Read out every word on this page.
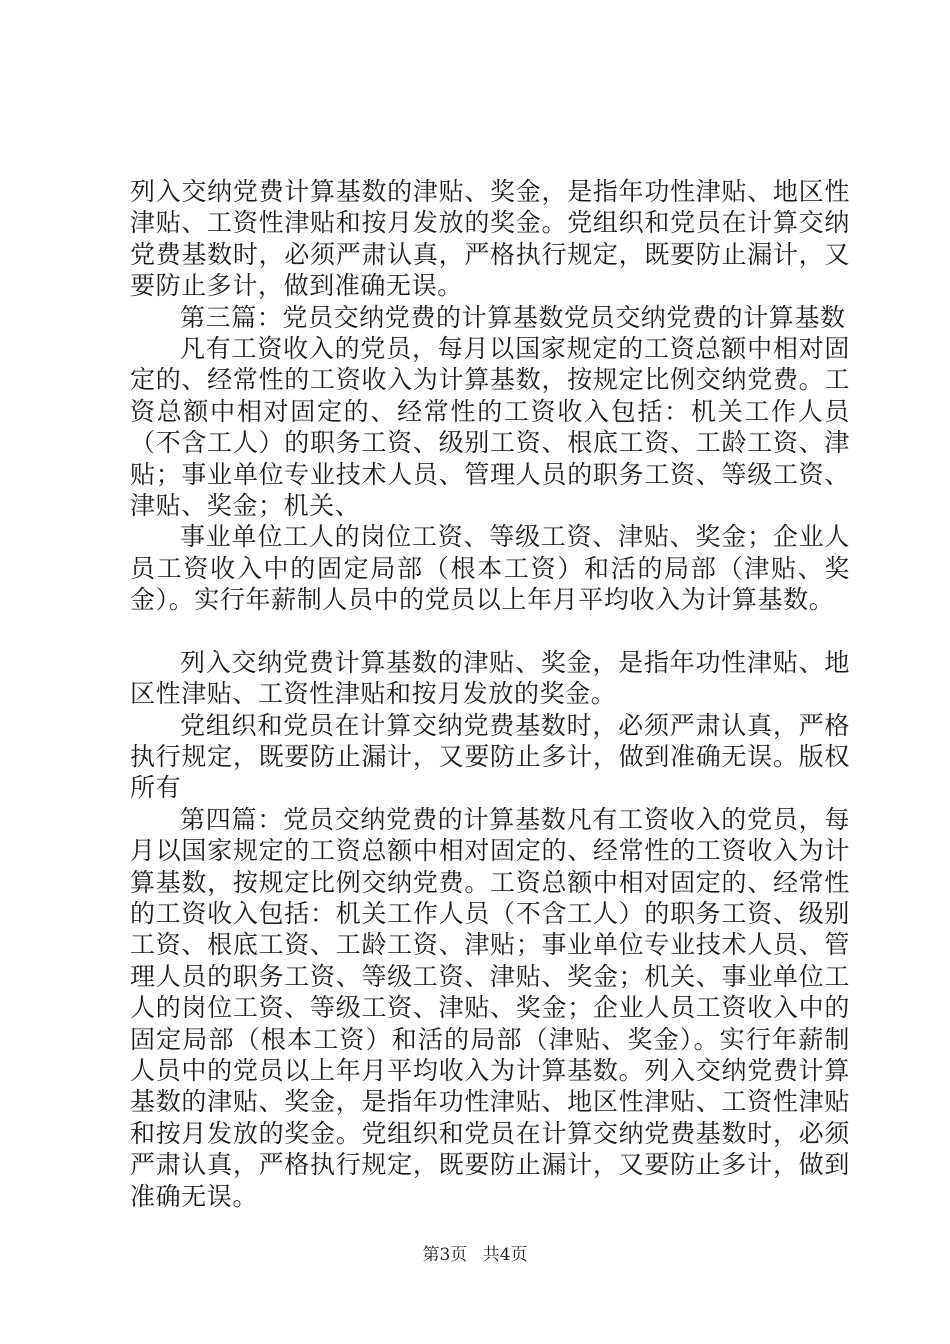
列入交纳党费计算基数的津贴、奖金，是指年功性津贴、地区性津贴、工资性津贴和按月发放的奖金。党组织和党员在计算交纳党费基数时，必须严肃认真，严格执行规定，既要防止漏计，又要防止多计，做到准确无误。

第三篇：党员交纳党费的计算基数党员交纳党费的计算基数

凡有工资收入的党员，每月以国家规定的工资总额中相对固定的、经常性的工资收入为计算基数，按规定比例交纳党费。工资总额中相对固定的、经常性的工资收入包括：机关工作人员（不含工人）的职务工资、级别工资、根底工资、工龄工资、津贴；事业单位专业技术人员、管理人员的职务工资、等级工资、津贴、奖金；机关、

事业单位工人的岗位工资、等级工资、津贴、奖金；企业人员工资收入中的固定局部（根本工资）和活的局部（津贴、奖金）。实行年薪制人员中的党员以上年月平均收入为计算基数。

列入交纳党费计算基数的津贴、奖金，是指年功性津贴、地区性津贴、工资性津贴和按月发放的奖金。

党组织和党员在计算交纳党费基数时，必须严肃认真，严格执行规定，既要防止漏计，又要防止多计，做到准确无误。版权所有

第四篇：党员交纳党费的计算基数凡有工资收入的党员，每月以国家规定的工资总额中相对固定的、经常性的工资收入为计算基数，按规定比例交纳党费。工资总额中相对固定的、经常性的工资收入包括：机关工作人员（不含工人）的职务工资、级别工资、根底工资、工龄工资、津贴；事业单位专业技术人员、管理人员的职务工资、等级工资、津贴、奖金；机关、事业单位工人的岗位工资、等级工资、津贴、奖金；企业人员工资收入中的固定局部（根本工资）和活的局部（津贴、奖金）。实行年薪制人员中的党员以上年月平均收入为计算基数。列入交纳党费计算基数的津贴、奖金，是指年功性津贴、地区性津贴、工资性津贴和按月发放的奖金。党组织和党员在计算交纳党费基数时，必须严肃认真，严格执行规定，既要防止漏计，又要防止多计，做到准确无误。

第3页 共4页
